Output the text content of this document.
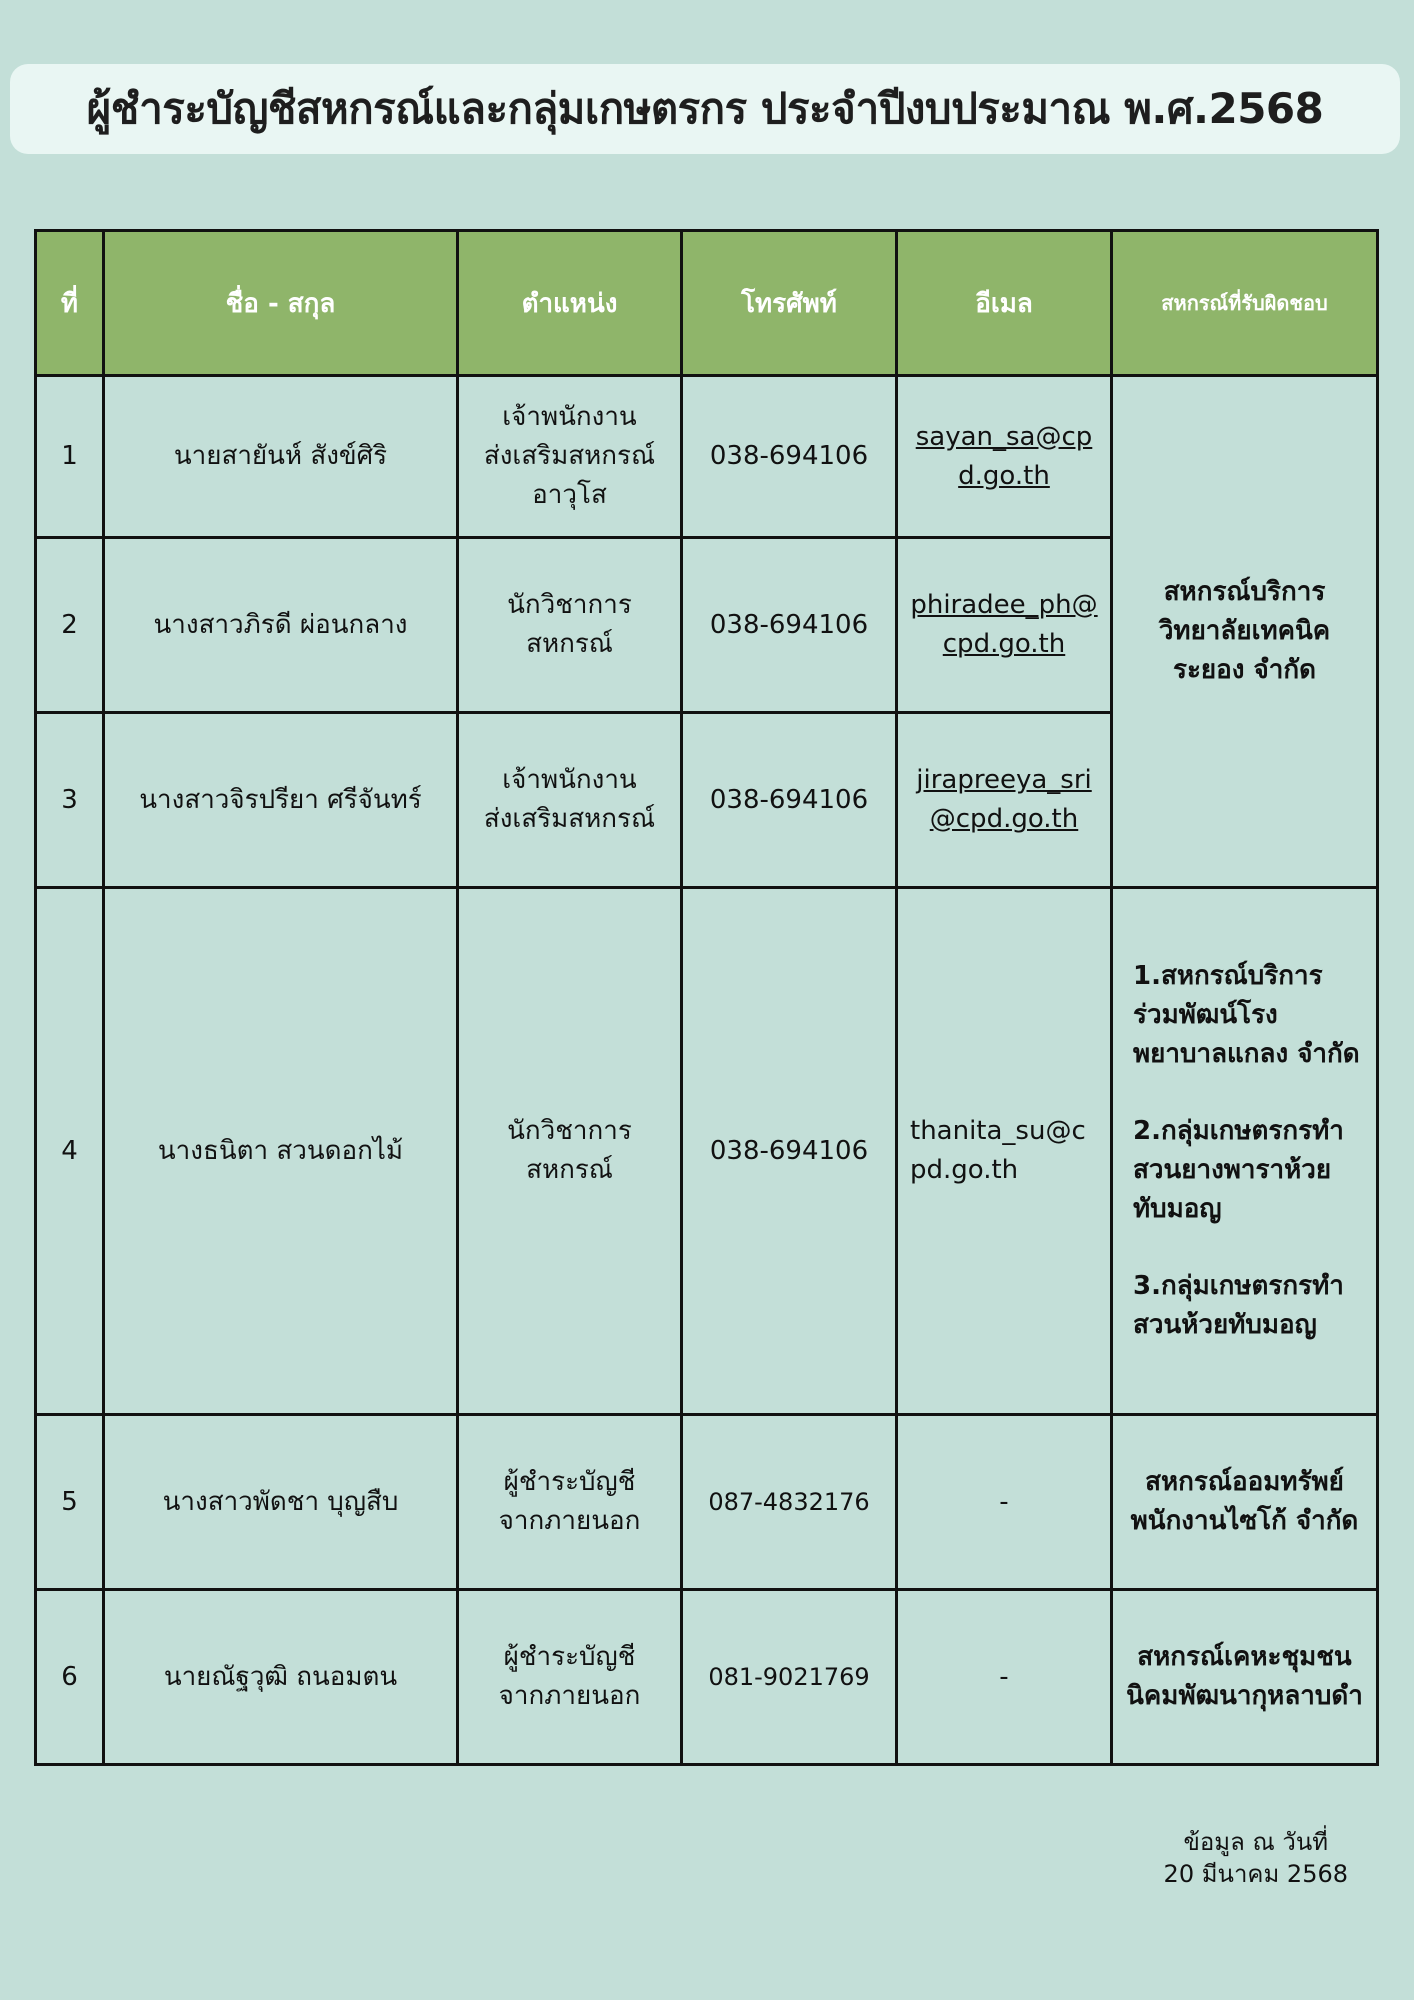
ผู้ชำระบัญชีสหกรณ์และกลุ่มเกษตรกร ประจำปีงบประมาณ พ.ศ.2568
ที่	ชื่อ - สกุล	ตำแหน่ง	โทรศัพท์	อีเมล	สหกรณ์ที่รับผิดชอบ
1	นายสายันห์ สังข์ศิริ	เจ้าพนักงาน
ส่งเสริมสหกรณ์
อาวุโส	038-694106	sayan_sa@cpd.go.th	สหกรณ์บริการวิทยาลัยเทคนิคระยอง จำกัด
2	นางสาวภิรดี ผ่อนกลาง	นักวิชาการ
สหกรณ์	038-694106	phiradee_ph@cpd.go.th	
3	นางสาวจิรปรียา ศรีจันทร์	เจ้าพนักงาน
ส่งเสริมสหกรณ์	038-694106	jirapreeya_sri@cpd.go.th	
4	นางธนิตา สวนดอกไม้	นักวิชาการ
สหกรณ์	038-694106	thanita_su@cpd.go.th	1.สหกรณ์บริการร่วมพัฒน์โรงพยาบาลแกลง จำกัด
2.กลุ่มเกษตรกรทำสวนยางพาราห้วยทับมอญ
3.กลุ่มเกษตรกรทำสวนห้วยทับมอญ

5	นางสาวพัดชา บุญสืบ	ผู้ชำระบัญชี
จากภายนอก	087-4832176	-	สหกรณ์ออมทรัพย์พนักงานไซโก้ จำกัด
6	นายณัฐวุฒิ ถนอมตน	ผู้ชำระบัญชี
จากภายนอก	081-9021769	-	สหกรณ์เคหะชุมชนนิคมพัฒนากุหลาบดำ
ข้อมูล ณ วันที่
20 มีนาคม 2568
